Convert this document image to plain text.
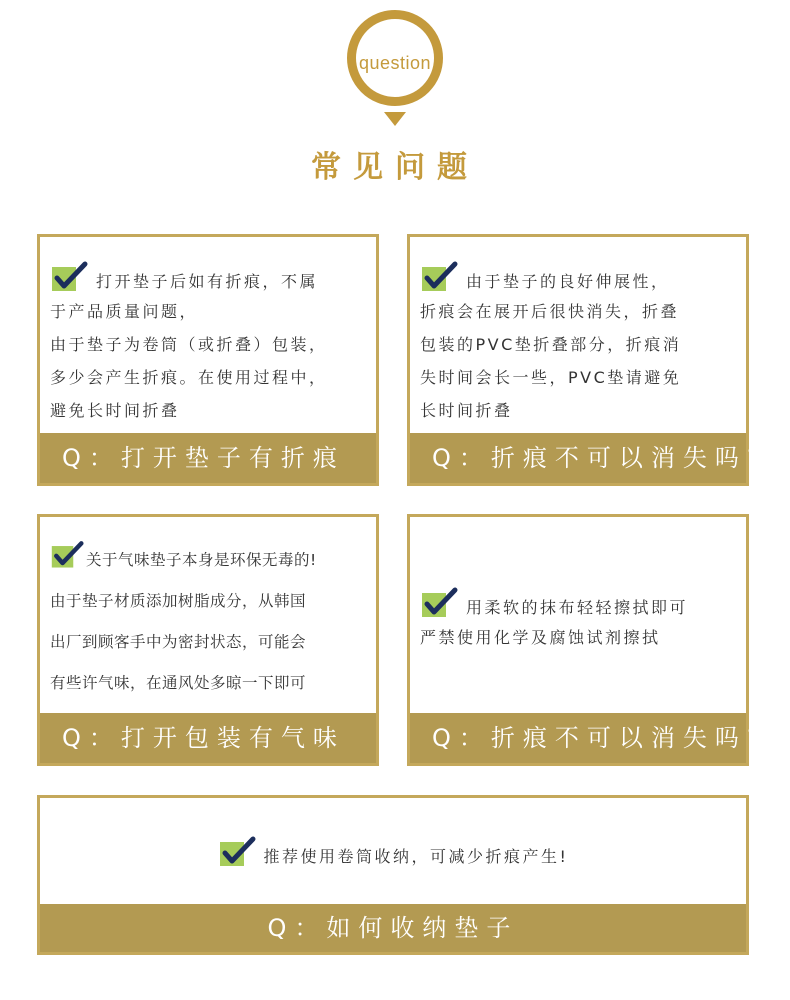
question
常见问题
打开垫子后如有折痕，不属
于产品质量问题，
由于垫子为卷筒（或折叠）包装，
多少会产生折痕。在使用过程中，
避免长时间折叠
Q：打开垫子有折痕
由于垫子的良好伸展性，
折痕会在展开后很快消失，折叠
包装的PVC垫折叠部分，折痕消
失时间会长一些，PVC垫请避免
长时间折叠
Q：折痕不可以消失吗?
关于气味垫子本身是环保无毒的!
由于垫子材质添加树脂成分，从韩国
出厂到顾客手中为密封状态，可能会
有些许气味，在通风处多晾一下即可
Q：打开包装有气味
用柔软的抹布轻轻擦拭即可
严禁使用化学及腐蚀试剂擦拭
Q：折痕不可以消失吗?
推荐使用卷筒收纳，可减少折痕产生!
Q：如何收纳垫子
